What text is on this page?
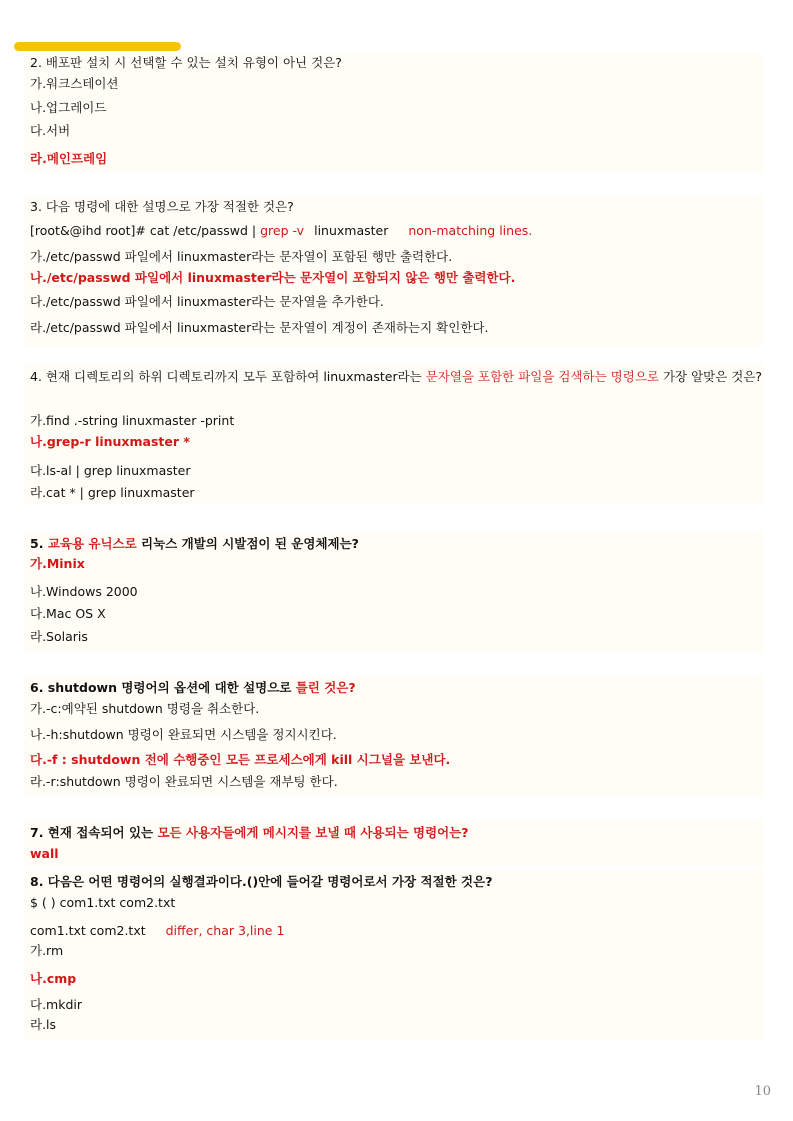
2. 배포판 설치 시 선택할 수 있는 설치 유형이 아닌 것은?
가.워크스테이션
나.업그레이드
다.서버
라.메인프레임
3. 다음 명령에 대한 설명으로 가장 적절한 것은?
[root&@ihd root]# cat /etc/passwd | grep -v linuxmaster non-matching lines.
가./etc/passwd 파일에서 linuxmaster라는 문자열이 포함된 행만 출력한다.
나./etc/passwd 파일에서 linuxmaster라는 문자열이 포함되지 않은 행만 출력한다.
다./etc/passwd 파일에서 linuxmaster라는 문자열을 추가한다.
라./etc/passwd 파일에서 linuxmaster라는 문자열이 계정이 존재하는지 확인한다.
4. 현재 디렉토리의 하위 디렉토리까지 모두 포함하여 linuxmaster라는 문자열을 포함한 파일을 검색하는 명령으로 가장 알맞은 것은?
가.find .-string linuxmaster -print
나.grep-r linuxmaster *
다.ls-al | grep linuxmaster
라.cat * | grep linuxmaster
5. 교육용 유닉스로 리눅스 개발의 시발점이 된 운영체제는?
가.Minix
나.Windows 2000
다.Mac OS X
라.Solaris
6. shutdown 명령어의 옵션에 대한 설명으로 틀린 것은?
가.-c:예약된 shutdown 명령을 취소한다.
나.-h:shutdown 명령이 완료되면 시스템을 정지시킨다.
다.-f : shutdown 전에 수행중인 모든 프로세스에게 kill 시그널을 보낸다.
라.-r:shutdown 명령이 완료되면 시스템을 재부팅 한다.
7. 현재 접속되어 있는 모든 사용자들에게 메시지를 보낼 때 사용되는 명령어는?
wall
8. 다음은 어떤 명령어의 실행결과이다.()안에 들어갈 명령어로서 가장 적절한 것은?
$ ( ) com1.txt com2.txt
com1.txt com2.txt differ, char 3,line 1
가.rm
나.cmp
다.mkdir
라.ls
10
